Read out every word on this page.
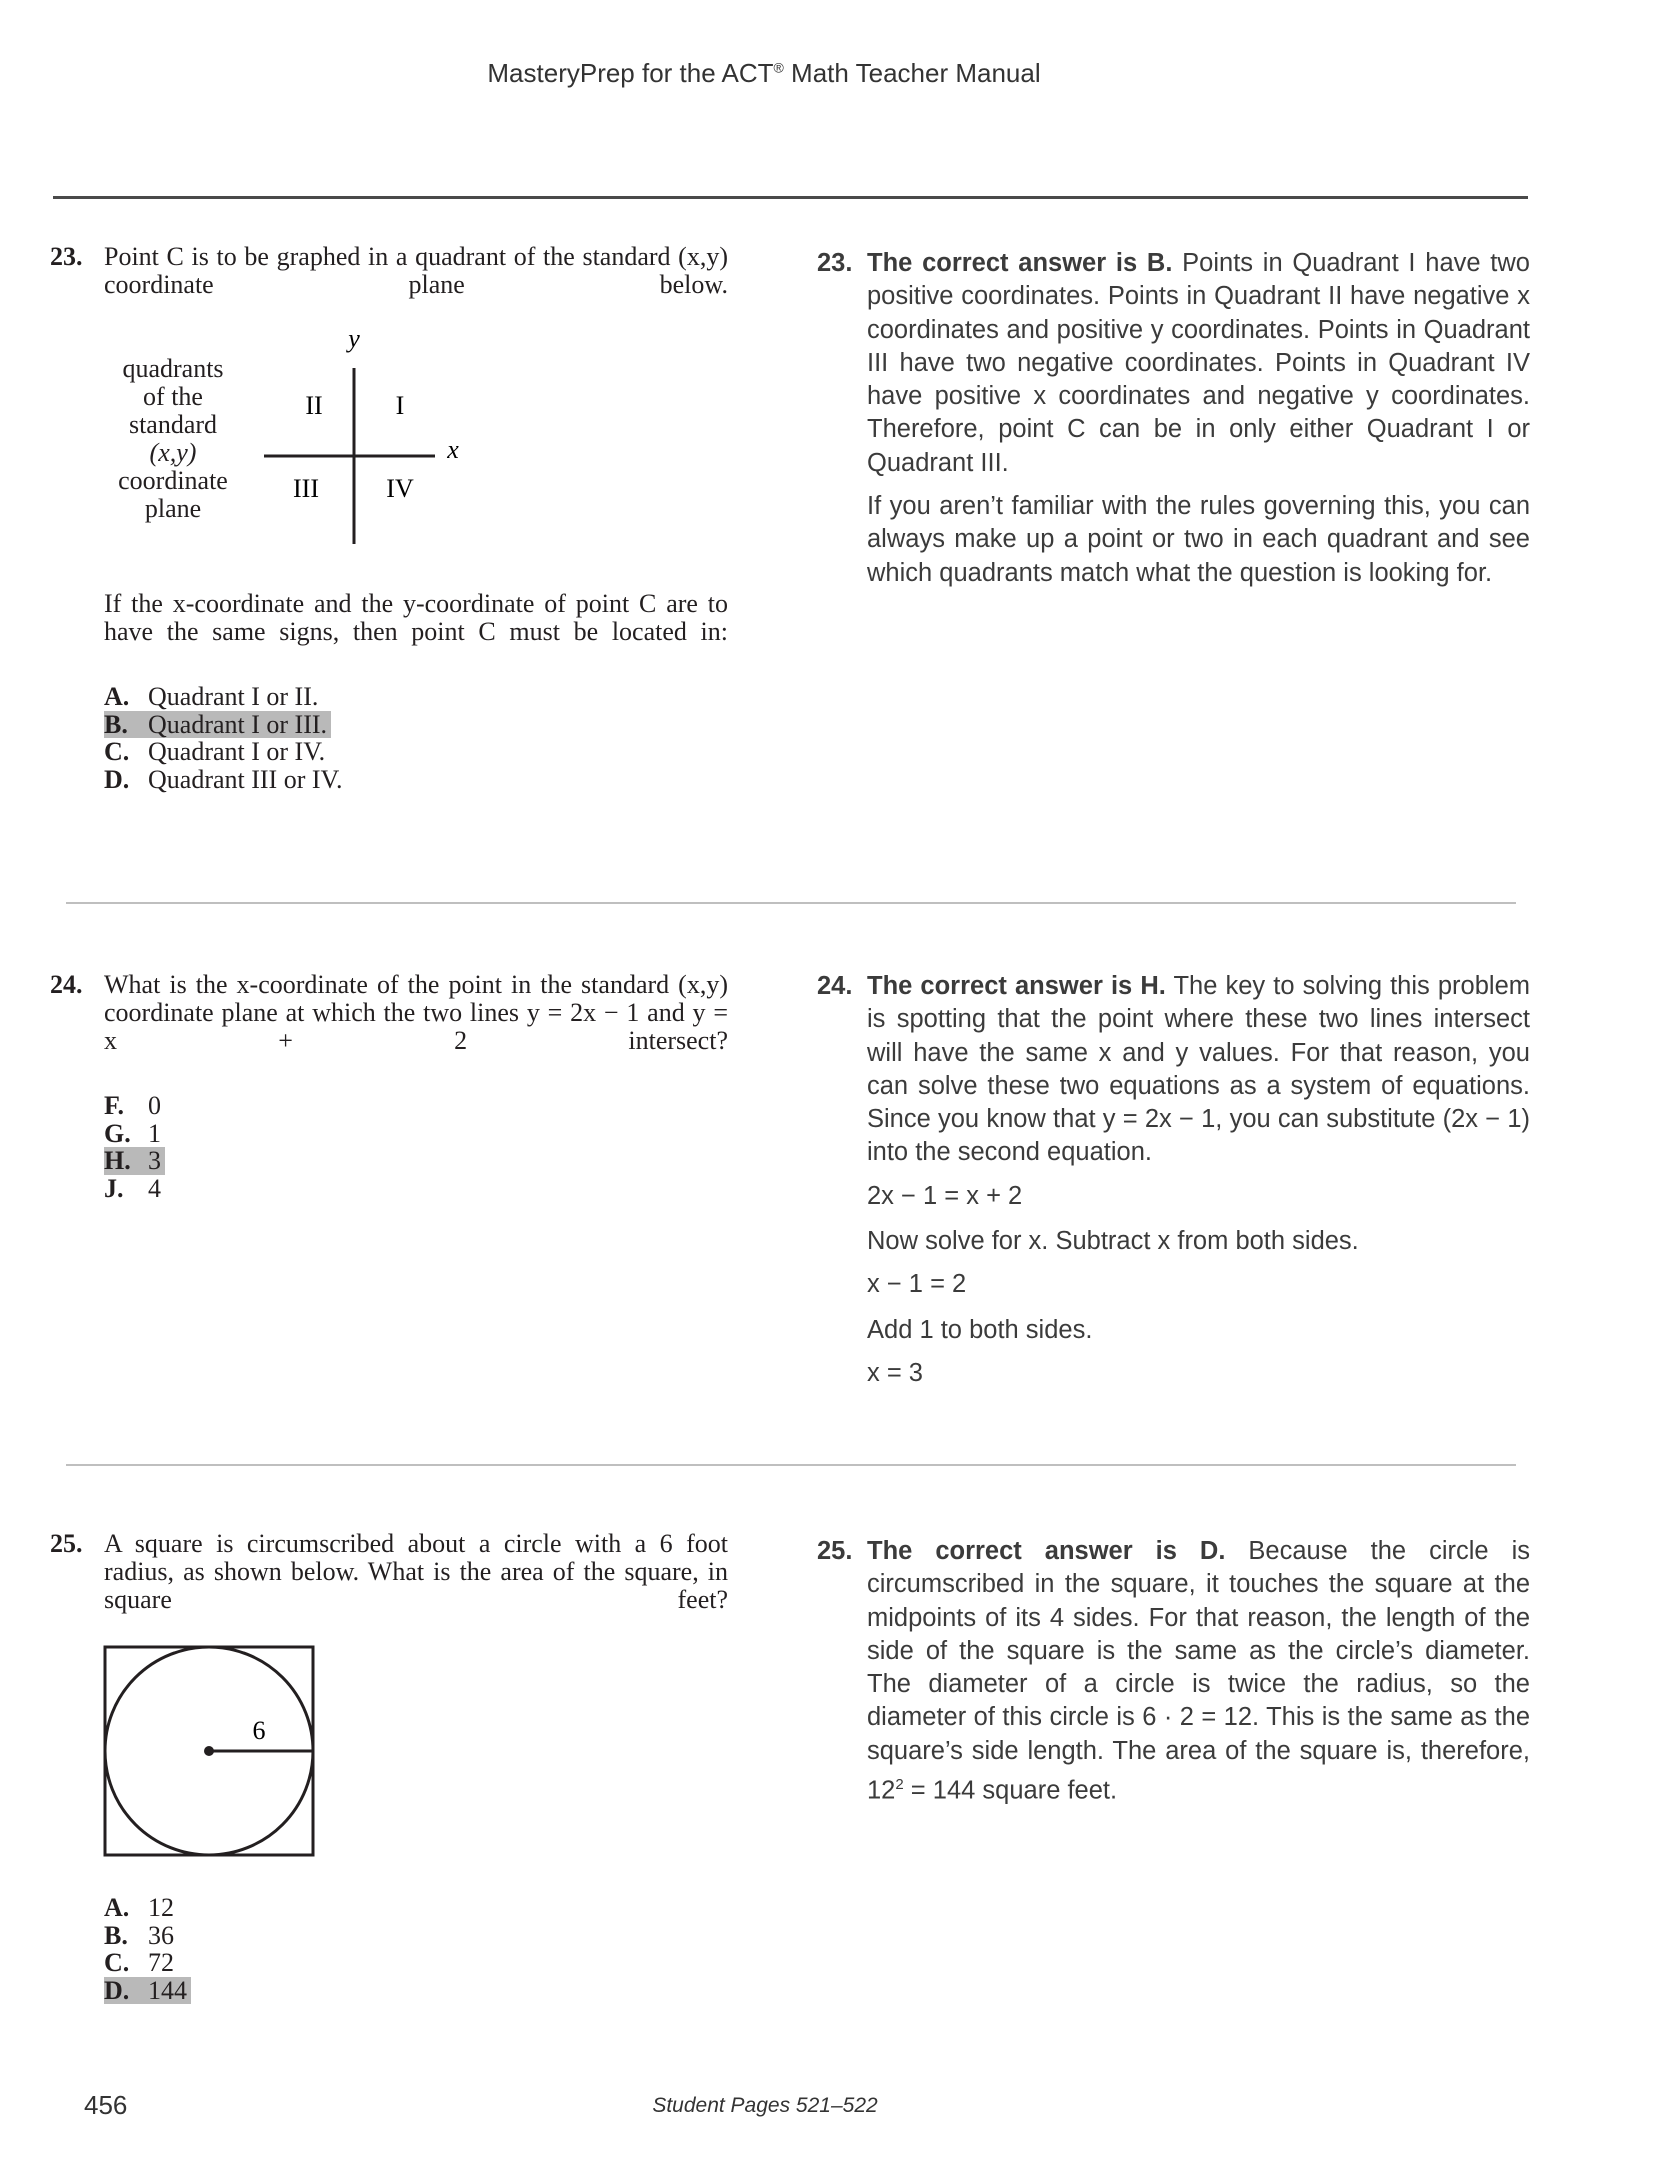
MasteryPrep for the ACT® Math Teacher Manual
23. Point C is to be graphed in a quadrant of the standard (x,y) coordinate plane below.
quadrants
of the
standard
(x,y)
coordinate
plane
y
x
II	I
III	IV
If the x-coordinate and the y-coordinate of point C are to have the same signs, then point C must be located in:
A. Quadrant I or II.
B. Quadrant I or III.
C. Quadrant I or IV.
D. Quadrant III or IV.
23. The correct answer is B. Points in Quadrant I have two positive coordinates. Points in Quadrant II have negative x coordinates and positive y coordinates. Points in Quadrant III have two negative coordinates. Points in Quadrant IV have positive x coordinates and negative y coordinates. Therefore, point C can be in only either Quadrant I or Quadrant III.

If you aren’t familiar with the rules governing this, you can always make up a point or two in each quadrant and see which quadrants match what the question is looking for.

24. What is the x-coordinate of the point in the standard (x,y) coordinate plane at which the two lines y = 2x − 1 and y = x + 2 intersect?
F. 0
G. 1
H. 3
J. 4
24. The correct answer is H. The key to solving this problem is spotting that the point where these two lines intersect will have the same x and y values. For that reason, you can solve these two equations as a system of equations. Since you know that y = 2x − 1, you can substitute (2x − 1) into the second equation.

2x − 1 = x + 2

Now solve for x. Subtract x from both sides.

x − 1 = 2

Add 1 to both sides.

x = 3
25. A square is circumscribed about a circle with a 6 foot radius, as shown below. What is the area of the square, in square feet?
6
A. 12
B. 36
C. 72
D. 144
25. The correct answer is D. Because the circle is circumscribed in the square, it touches the square at the midpoints of its 4 sides. For that reason, the length of the side of the square is the same as the circle’s diameter. The diameter of a circle is twice the radius, so the diameter of this circle is 6 · 2 = 12. This is the same as the square’s side length. The area of the square is, therefore, $12^2 = 144$ square feet.

456	Student Pages 521–522
